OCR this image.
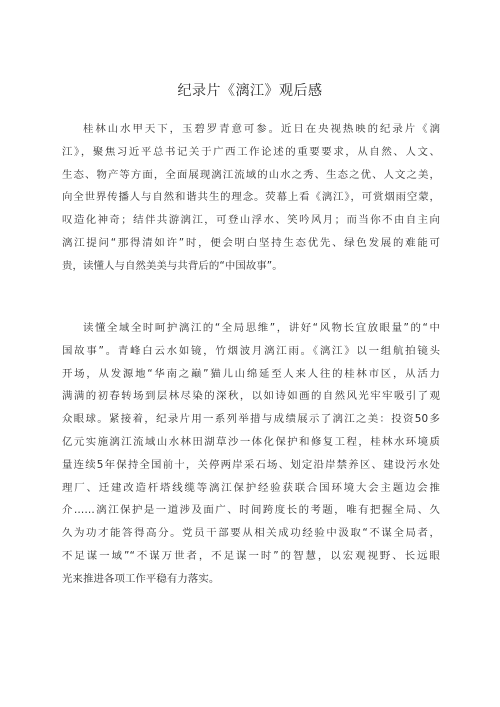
纪录片《漓江》观后感
桂林山水甲天下，玉碧罗青意可参。近日在央视热映的纪录片《漓
江》，聚焦习近平总书记关于广西工作论述的重要要求，从自然、人文、
生态、物产等方面，全面展现漓江流域的山水之秀、生态之优、人文之美，
向全世界传播人与自然和谐共生的理念。荧幕上看《漓江》，可赏烟雨空蒙，
叹造化神奇；结伴共游漓江，可登山浮水、笑吟风月；而当你不由自主向
漓江提问“那得清如许”时，便会明白坚持生态优先、绿色发展的难能可
贵，读懂人与自然美美与共背后的“中国故事”。
读懂全域全时呵护漓江的“全局思维”，讲好“风物长宜放眼量”的“中
国故事”。青峰白云水如镜，竹烟波月漓江雨。《漓江》以一组航拍镜头
开场，从发源地“华南之巅”猫儿山绵延至人来人往的桂林市区，从活力
满满的初春转场到层林尽染的深秋，以如诗如画的自然风光牢牢吸引了观
众眼球。紧接着，纪录片用一系列举措与成绩展示了漓江之美：投资50多
亿元实施漓江流域山水林田湖草沙一体化保护和修复工程，桂林水环境质
量连续5年保持全国前十，关停两岸采石场、划定沿岸禁养区、建设污水处
理厂、迁建改造杆塔线缆等漓江保护经验获联合国环境大会主题边会推
介……漓江保护是一道涉及面广、时间跨度长的考题，唯有把握全局、久
久为功才能答得高分。党员干部要从相关成功经验中汲取“不谋全局者，
不足谋一域”“不谋万世者，不足谋一时”的智慧，以宏观视野、长远眼
光来推进各项工作平稳有力落实。
